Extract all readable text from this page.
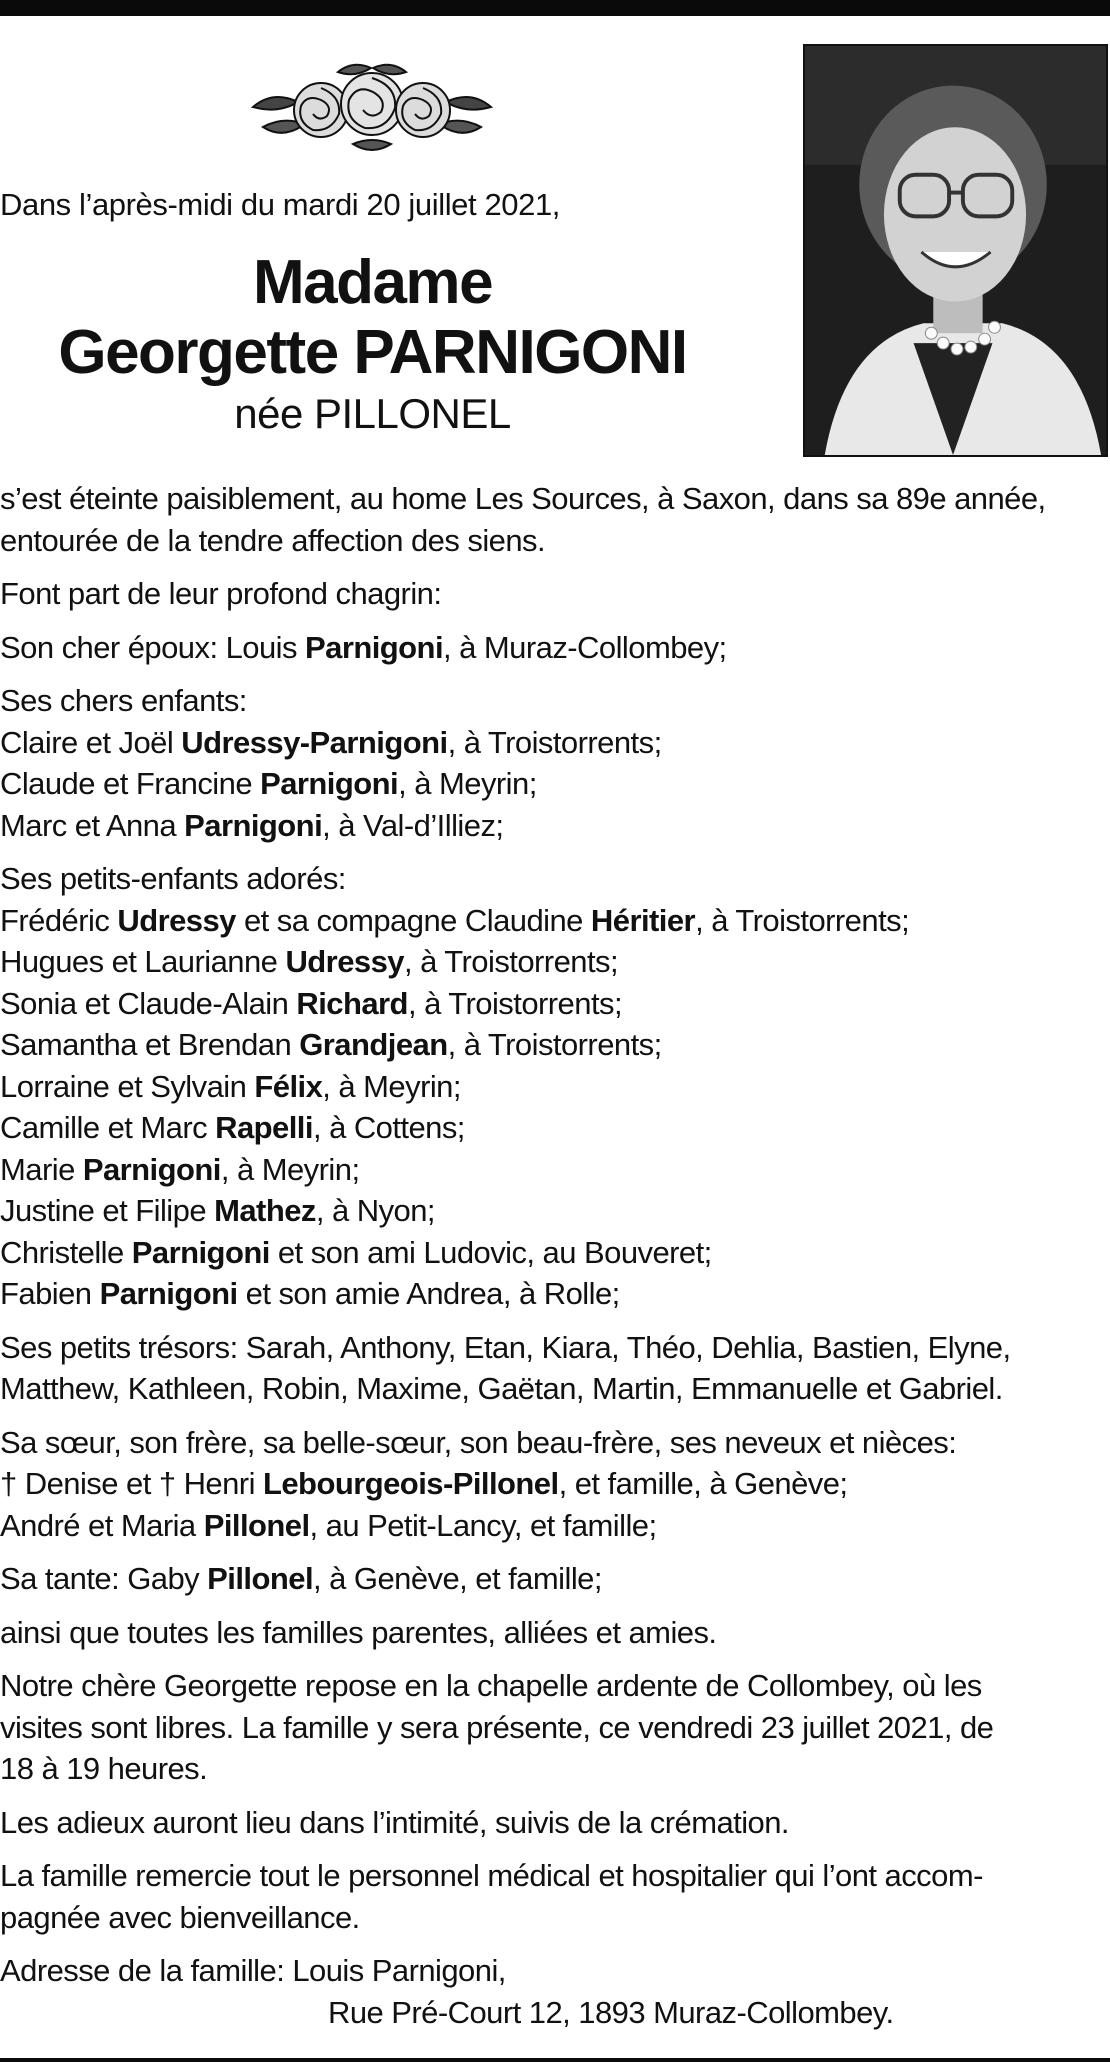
Dans l’après-midi du mardi 20 juillet 2021,
Madame
Georgette PARNIGONI
née PILLONEL

s’est éteinte paisiblement, au home Les Sources, à Saxon, dans sa 89e année, entourée de la tendre affection des siens.

Font part de leur profond chagrin:

Son cher époux: Louis Parnigoni, à Muraz-Collombey;

Ses chers enfants:
Claire et Joël Udressy-Parnigoni, à Troistorrents;
Claude et Francine Parnigoni, à Meyrin;
Marc et Anna Parnigoni, à Val-d’Illiez;

Ses petits-enfants adorés:
Frédéric Udressy et sa compagne Claudine Héritier, à Troistorrents;
Hugues et Laurianne Udressy, à Troistorrents;
Sonia et Claude-Alain Richard, à Troistorrents;
Samantha et Brendan Grandjean, à Troistorrents;
Lorraine et Sylvain Félix, à Meyrin;
Camille et Marc Rapelli, à Cottens;
Marie Parnigoni, à Meyrin;
Justine et Filipe Mathez, à Nyon;
Christelle Parnigoni et son ami Ludovic, au Bouveret;
Fabien Parnigoni et son amie Andrea, à Rolle;

Ses petits trésors: Sarah, Anthony, Etan, Kiara, Théo, Dehlia, Bastien, Elyne,
Matthew, Kathleen, Robin, Maxime, Gaëtan, Martin, Emmanuelle et Gabriel.

Sa sœur, son frère, sa belle-sœur, son beau-frère, ses neveux et nièces:
† Denise et † Henri Lebourgeois-Pillonel, et famille, à Genève;
André et Maria Pillonel, au Petit-Lancy, et famille;

Sa tante: Gaby Pillonel, à Genève, et famille;

ainsi que toutes les familles parentes, alliées et amies.

Notre chère Georgette repose en la chapelle ardente de Collombey, où les
visites sont libres. La famille y sera présente, ce vendredi 23 juillet 2021, de
18 à 19 heures.

Les adieux auront lieu dans l’intimité, suivis de la crémation.

La famille remercie tout le personnel médical et hospitalier qui l’ont accom-
pagnée avec bienveillance.

Adresse de la famille: Louis Parnigoni,
Rue Pré-Court 12, 1893 Muraz-Collombey.
